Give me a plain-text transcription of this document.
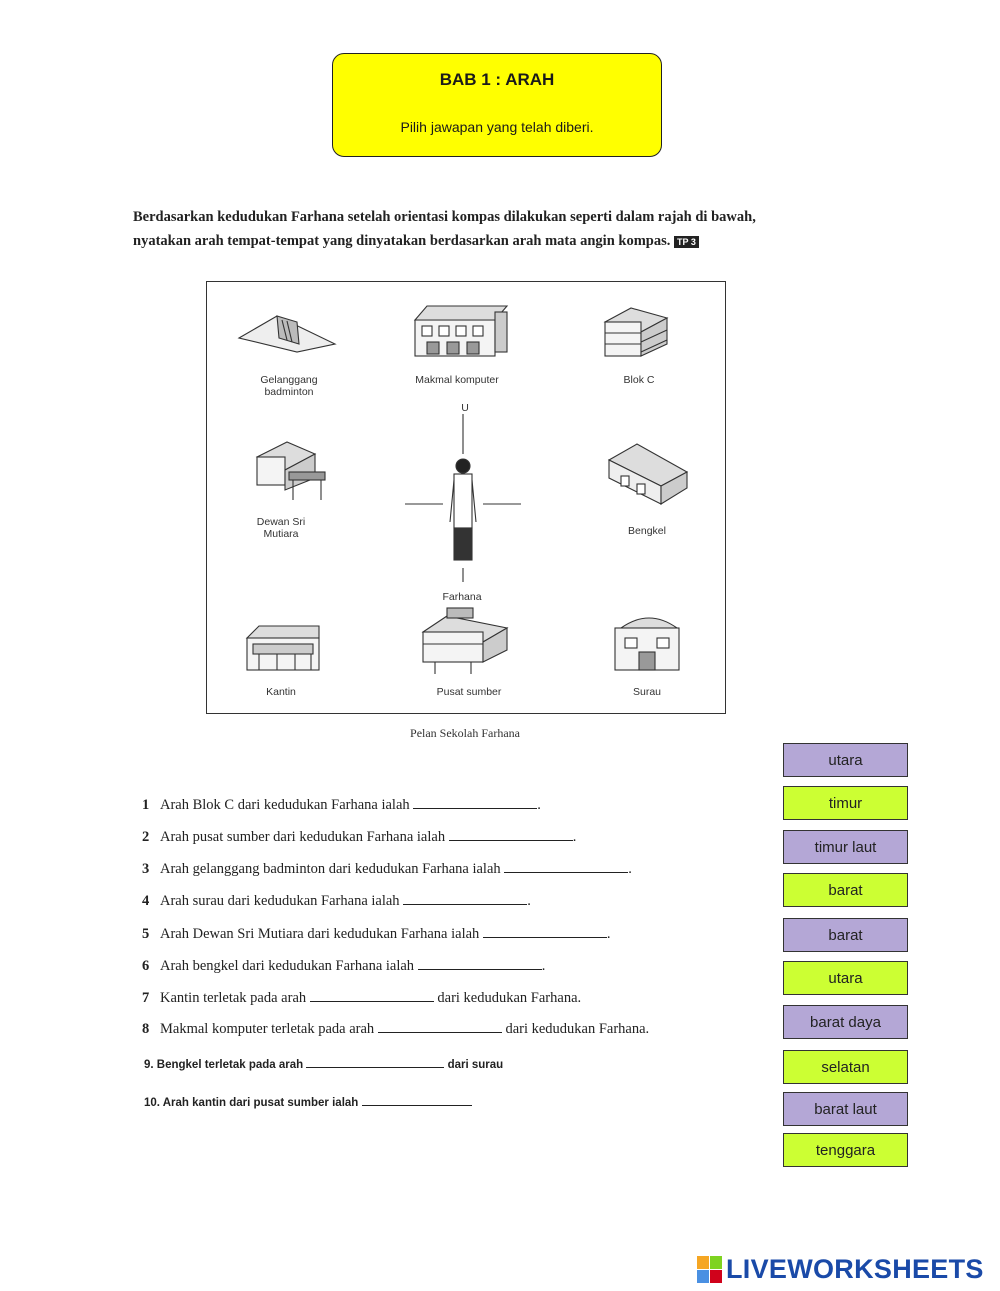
BAB 1 : ARAH
Pilih jawapan yang telah diberi.
Berdasarkan kedudukan Farhana setelah orientasi kompas dilakukan seperti dalam rajah di bawah,
nyatakan arah tempat-tempat yang dinyatakan berdasarkan arah mata angin kompas. TP 3
Gelanggang badminton
Makmal komputer	Blok C
U
Dewan Sri Mutiara	Bengkel
Farhana
Kantin	Pusat sumber	Surau
Pelan Sekolah Farhana
1 Arah Blok C dari kedudukan Farhana ialah	.
2 Arah pusat sumber dari kedudukan Farhana ialah	.
3 Arah gelanggang badminton dari kedudukan Farhana ialah	.
4 Arah surau dari kedudukan Farhana ialah	.
5 Arah Dewan Sri Mutiara dari kedudukan Farhana ialah	.
6 Arah bengkel dari kedudukan Farhana ialah	.
7 Kantin terletak pada arah	dari kedudukan Farhana.
8 Makmal komputer terletak pada arah	dari kedudukan Farhana.
9. Bengkel terletak pada arah	dari surau
10. Arah kantin dari pusat sumber ialah
utara
timur
timur laut
barat
barat
utara
barat daya
selatan
barat laut
tenggara
LIVEWORKSHEETS
